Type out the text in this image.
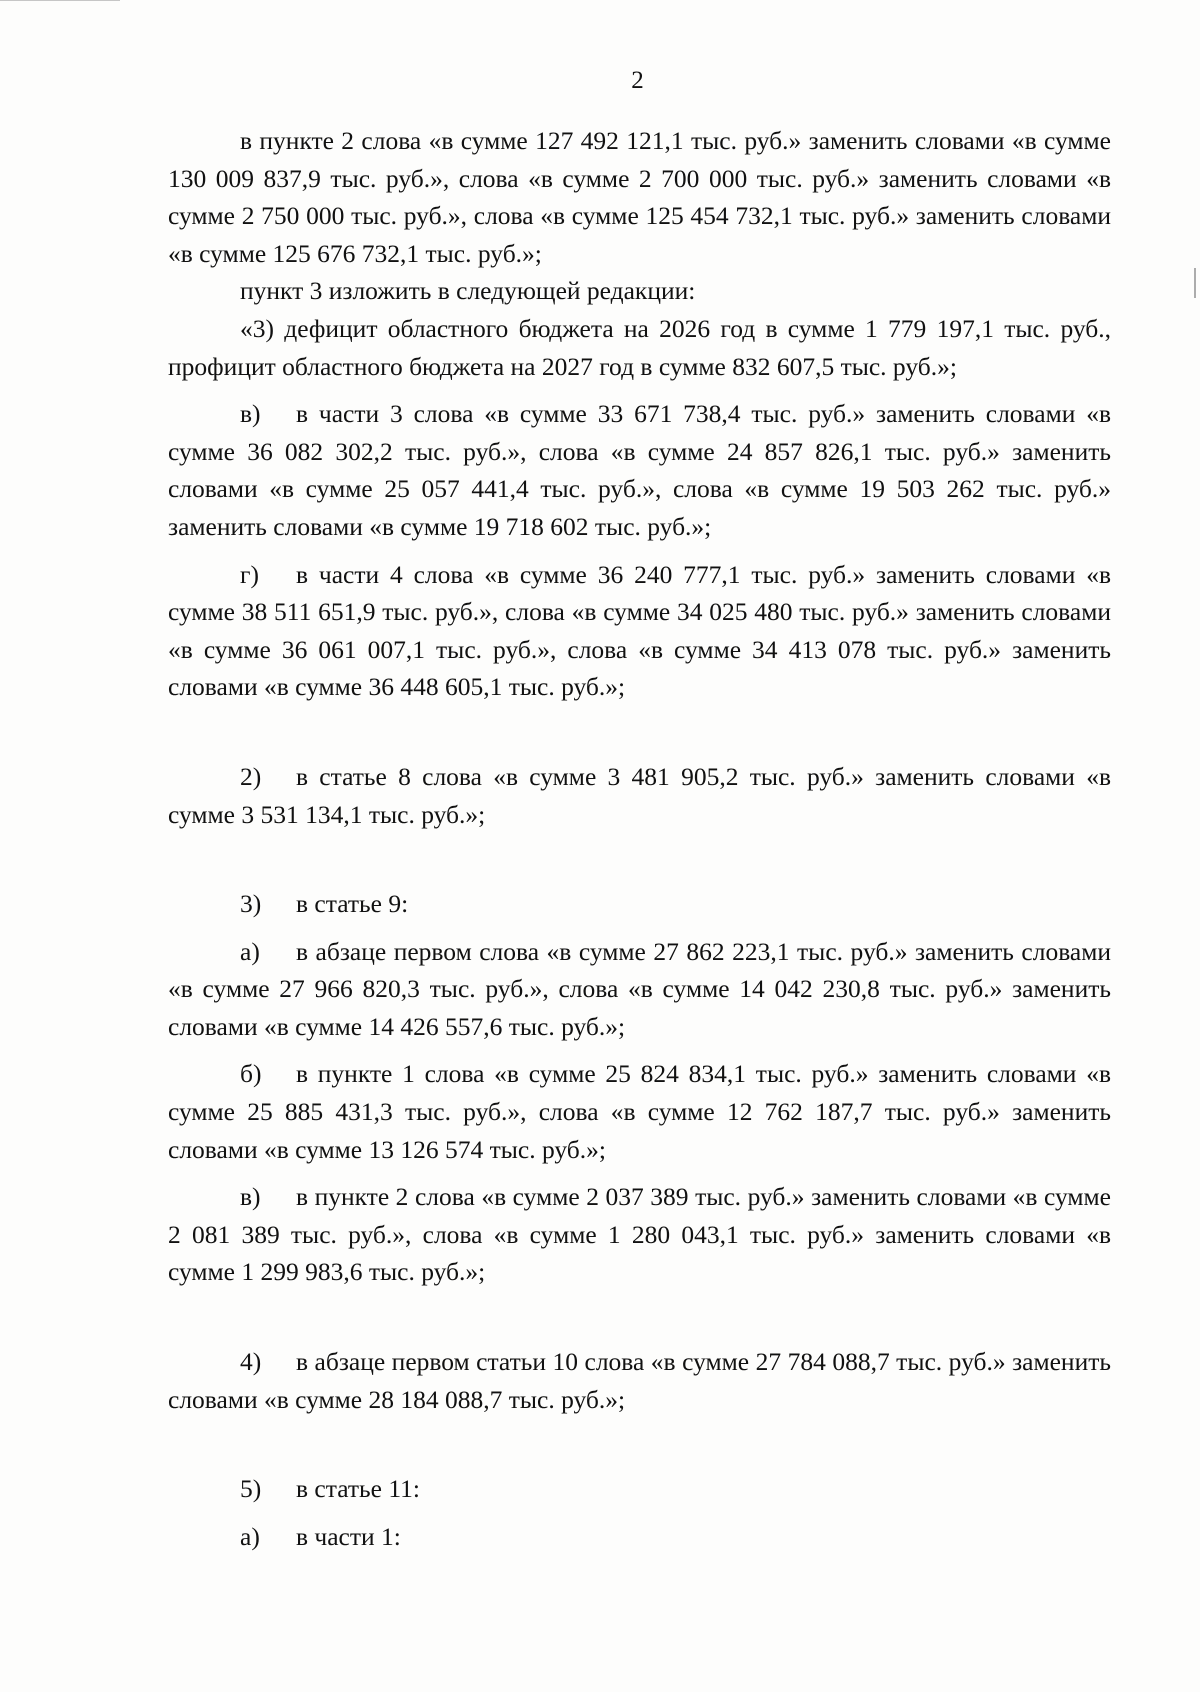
2

в пункте 2 слова «в сумме 127 492 121,1 тыс. руб.» заменить словами «в сумме 130 009 837,9 тыс. руб.», слова «в сумме 2 700 000 тыс. руб.» заменить словами «в сумме 2 750 000 тыс. руб.», слова «в сумме 125 454 732,1 тыс. руб.» заменить словами «в сумме 125 676 732,1 тыс. руб.»;

пункт 3 изложить в следующей редакции:

«3) дефицит областного бюджета на 2026 год в сумме 1 779 197,1 тыс. руб., профицит областного бюджета на 2027 год в сумме 832 607,5 тыс. руб.»;

в) в части 3 слова «в сумме 33 671 738,4 тыс. руб.» заменить словами «в сумме 36 082 302,2 тыс. руб.», слова «в сумме 24 857 826,1 тыс. руб.» заменить словами «в сумме 25 057 441,4 тыс. руб.», слова «в сумме 19 503 262 тыс. руб.» заменить словами «в сумме 19 718 602 тыс. руб.»;

г) в части 4 слова «в сумме 36 240 777,1 тыс. руб.» заменить словами «в сумме 38 511 651,9 тыс. руб.», слова «в сумме 34 025 480 тыс. руб.» заменить словами «в сумме 36 061 007,1 тыс. руб.», слова «в сумме 34 413 078 тыс. руб.» заменить словами «в сумме 36 448 605,1 тыс. руб.»;

2) в статье 8 слова «в сумме 3 481 905,2 тыс. руб.» заменить словами «в сумме 3 531 134,1 тыс. руб.»;

3) в статье 9:

а) в абзаце первом слова «в сумме 27 862 223,1 тыс. руб.» заменить словами «в сумме 27 966 820,3 тыс. руб.», слова «в сумме 14 042 230,8 тыс. руб.» заменить словами «в сумме 14 426 557,6 тыс. руб.»;

б) в пункте 1 слова «в сумме 25 824 834,1 тыс. руб.» заменить словами «в сумме 25 885 431,3 тыс. руб.», слова «в сумме 12 762 187,7 тыс. руб.» заменить словами «в сумме 13 126 574 тыс. руб.»;

в) в пункте 2 слова «в сумме 2 037 389 тыс. руб.» заменить словами «в сумме 2 081 389 тыс. руб.», слова «в сумме 1 280 043,1 тыс. руб.» заменить словами «в сумме 1 299 983,6 тыс. руб.»;

4) в абзаце первом статьи 10 слова «в сумме 27 784 088,7 тыс. руб.» заменить словами «в сумме 28 184 088,7 тыс. руб.»;

5) в статье 11:

а) в части 1:
